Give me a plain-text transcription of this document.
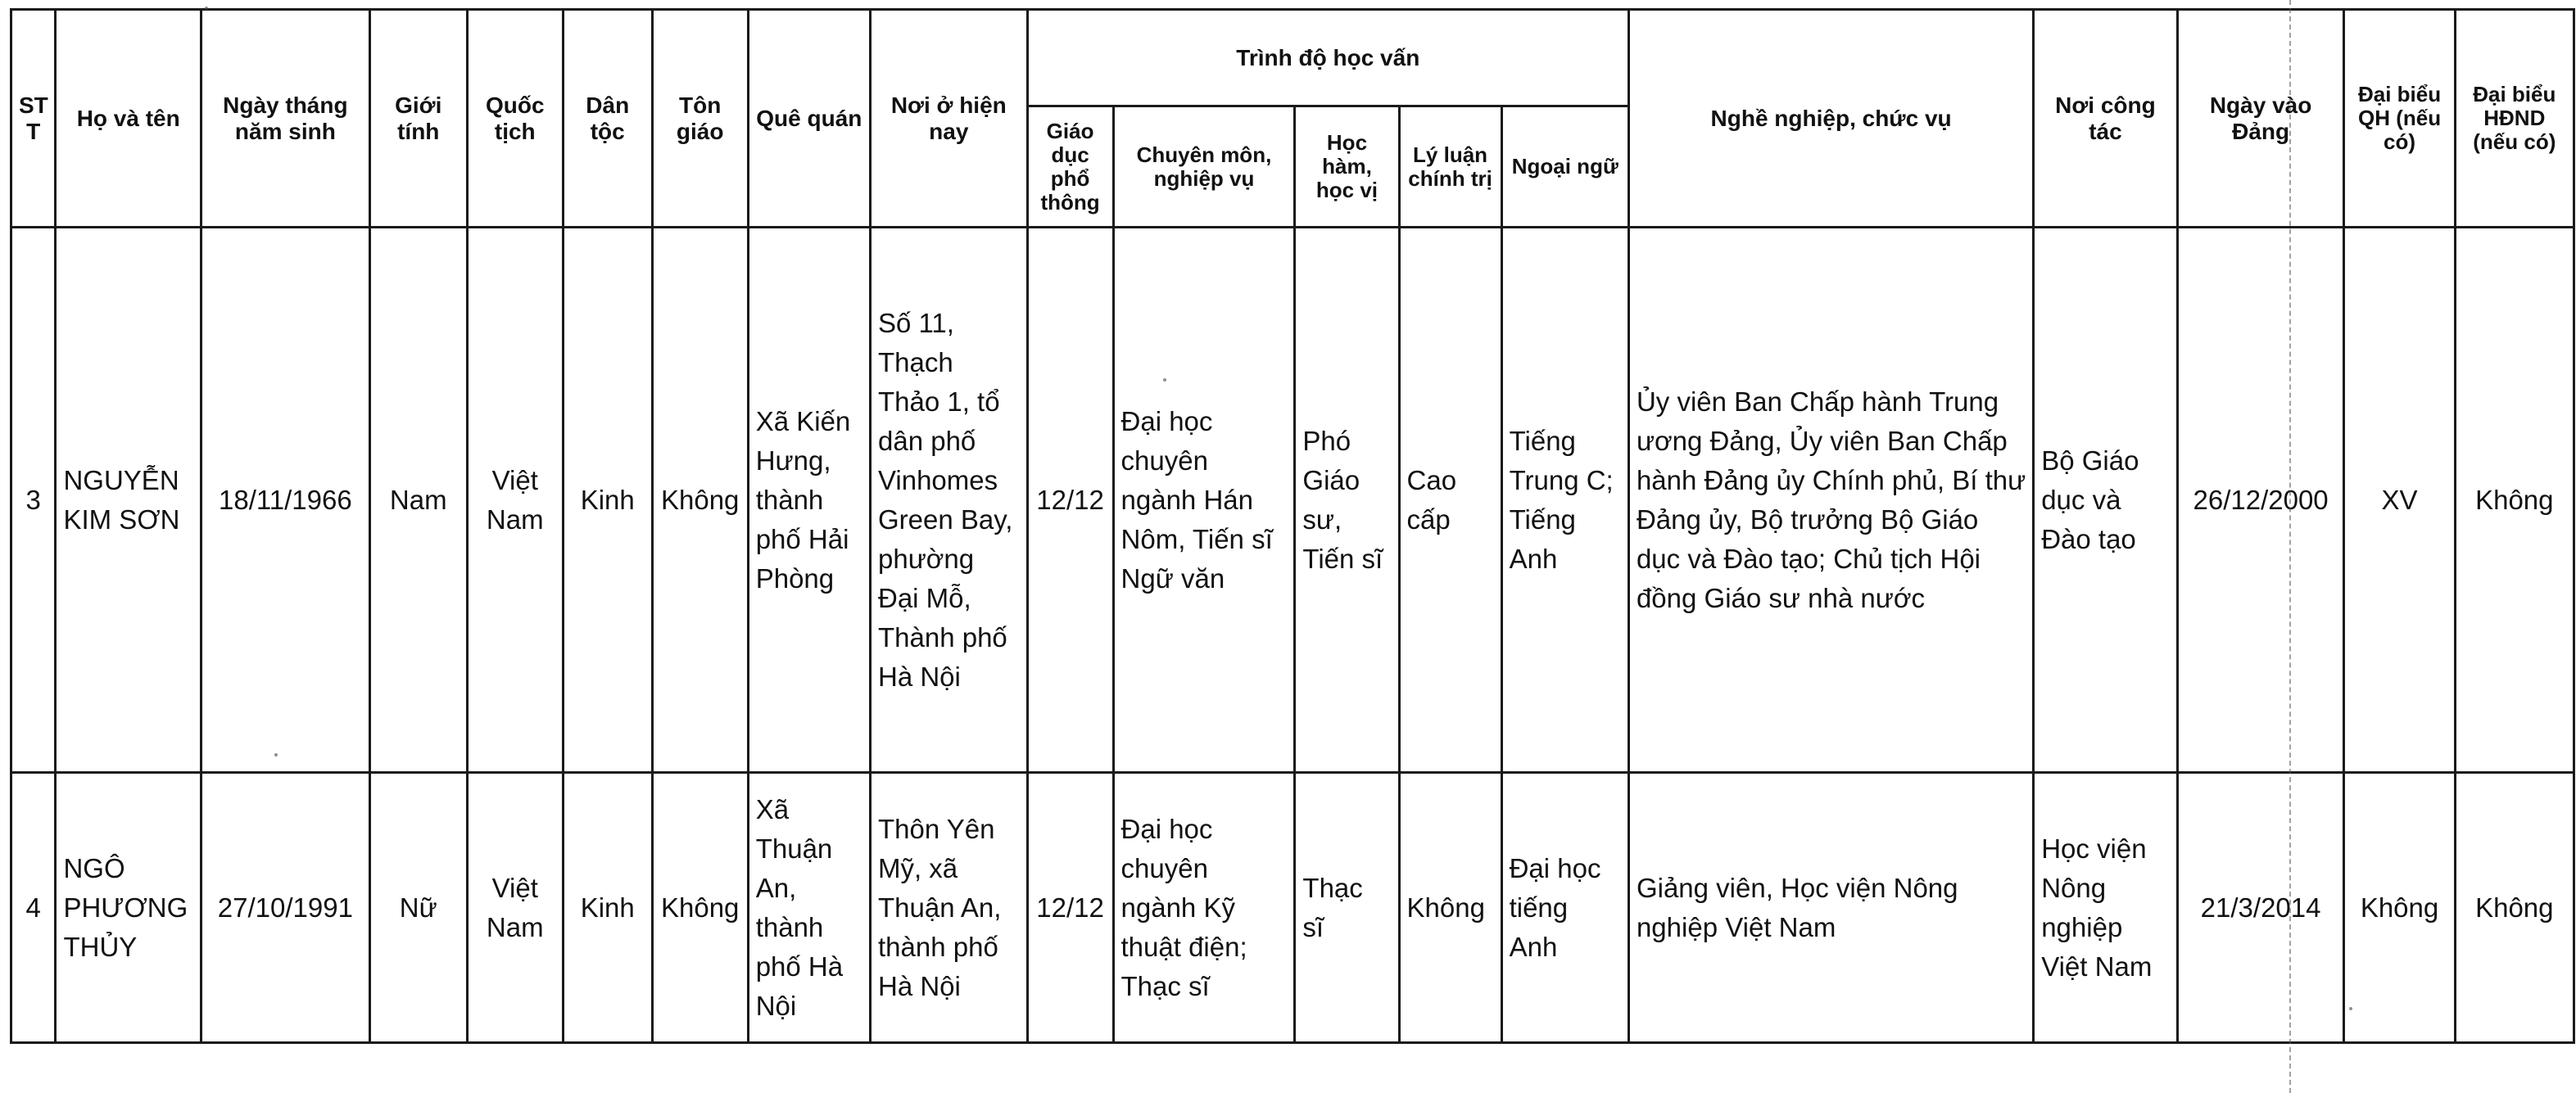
ST T	Họ và tên	Ngày tháng năm sinh	Giới tính	Quốc tịch	Dân tộc	Tôn giáo	Quê quán	Nơi ở hiện nay	Trình độ học vấn					Nghề nghiệp, chức vụ	Nơi công tác	Ngày vào Đảng	Đại biểu QH (nếu có)	Đại biểu HĐND (nếu có)
									Giáo dục phổ thông	Chuyên môn, nghiệp vụ	Học hàm, học vị	Lý luận chính trị	Ngoại ngữ					
3	NGUYỄN KIM SƠN	18/11/1966	Nam	Việt Nam	Kinh	Không	Xã Kiến Hưng, thành phố Hải Phòng	Số 11, Thạch Thảo 1, tổ dân phố Vinhomes Green Bay, phường Đại Mỗ, Thành phố Hà Nội	12/12	Đại học chuyên ngành Hán Nôm, Tiến sĩ Ngữ văn	Phó Giáo sư, Tiến sĩ	Cao cấp	Tiếng Trung C; Tiếng Anh	Ủy viên Ban Chấp hành Trung ương Đảng, Ủy viên Ban Chấp hành Đảng ủy Chính phủ, Bí thư Đảng ủy, Bộ trưởng Bộ Giáo dục và Đào tạo; Chủ tịch Hội đồng Giáo sư nhà nước	Bộ Giáo dục và Đào tạo	26/12/2000	XV	Không
4	NGÔ PHƯƠNG THỦY	27/10/1991	Nữ	Việt Nam	Kinh	Không	Xã Thuận An, thành phố Hà Nội	Thôn Yên Mỹ, xã Thuận An, thành phố Hà Nội	12/12	Đại học chuyên ngành Kỹ thuật điện; Thạc sĩ	Thạc sĩ	Không	Đại học tiếng Anh	Giảng viên, Học viện Nông nghiệp Việt Nam	Học viện Nông nghiệp Việt Nam	21/3/2014	Không	Không
